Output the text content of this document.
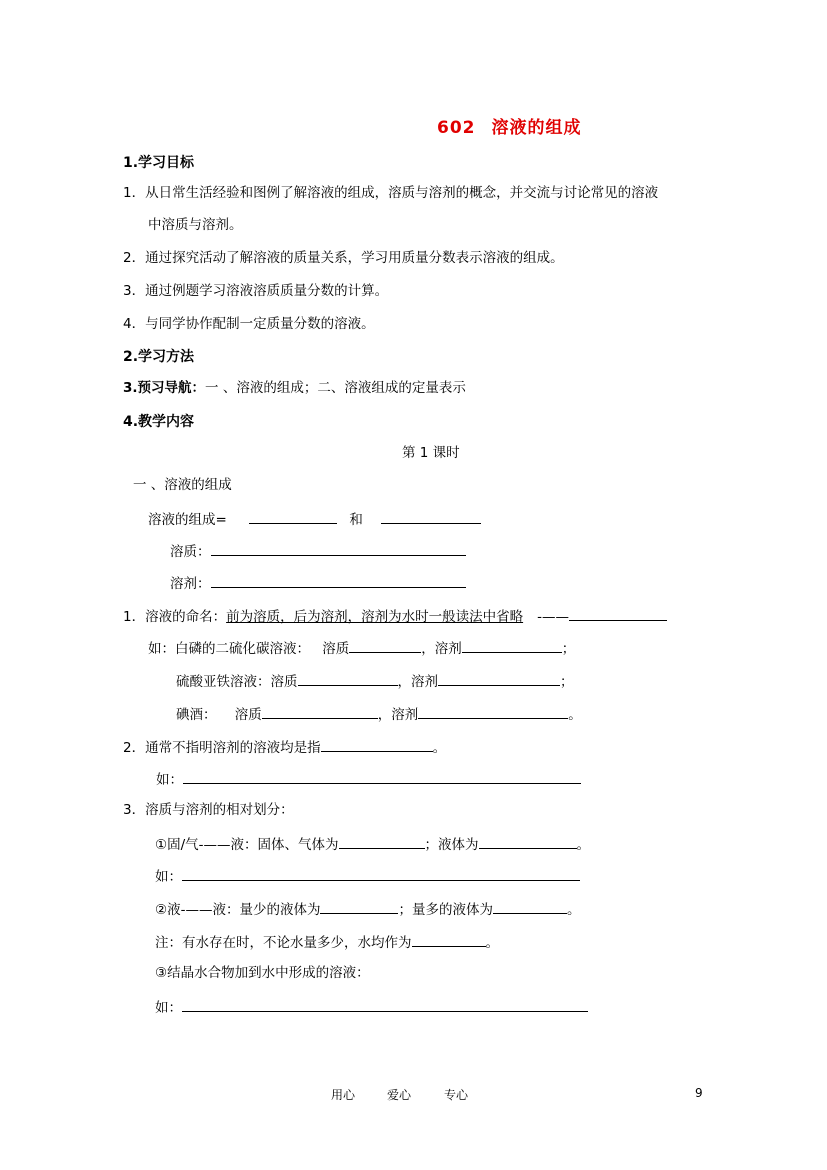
602 溶液的组成
1.学习目标
1．从日常生活经验和图例了解溶液的组成，溶质与溶剂的概念，并交流与讨论常见的溶液
中溶质与溶剂。
2．通过探究活动了解溶液的质量关系，学习用质量分数表示溶液的组成。
3．通过例题学习溶液溶质质量分数的计算。
4．与同学协作配制一定质量分数的溶液。
2.学习方法
3.预习导航：一 、溶液的组成；二、溶液组成的定量表示
4.教学内容
第 1 课时
一 、溶液的组成
溶液的组成=	和
溶质：
溶剂：
1．溶液的命名：前为溶质，后为溶剂，溶剂为水时一般读法中省略 -——
如：白磷的二硫化碳溶液： 溶质	，溶剂	；
硫酸亚铁溶液：溶质	，溶剂	；
碘酒： 溶质	，溶剂	。
2．通常不指明溶剂的溶液均是指	。
如：
3．溶质与溶剂的相对划分：
①固/气-——液：固体、气体为	；液体为	。
如：
②液-——液：量少的液体为	；量多的液体为	。
注：有水存在时，不论水量多少，水均作为	。
③结晶水合物加到水中形成的溶液：
如：
用心	爱心	专心	9
